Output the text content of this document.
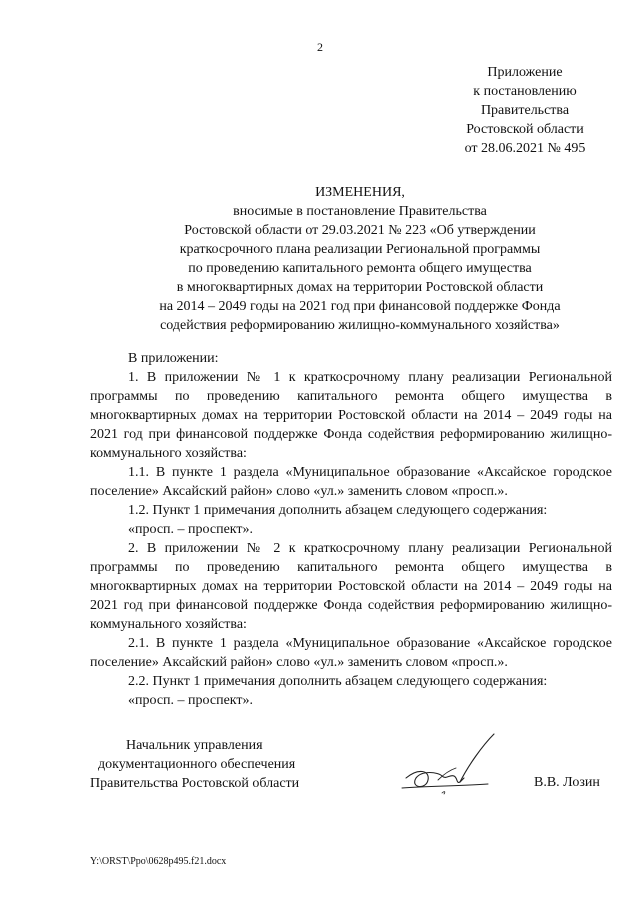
2
Приложение
к постановлению
Правительства
Ростовской области
от 28.06.2021 № 495
ИЗМЕНЕНИЯ,
вносимые в постановление Правительства
Ростовской области от 29.03.2021 № 223 «Об утверждении
краткосрочного плана реализации Региональной программы
по проведению капитального ремонта общего имущества
в многоквартирных домах на территории Ростовской области
на 2014 – 2049 годы на 2021 год при финансовой поддержке Фонда
содействия реформированию жилищно-коммунального хозяйства»

В приложении:

1. В приложении № 1 к краткосрочному плану реализации Региональной программы по проведению капитального ремонта общего имущества в многоквартирных домах на территории Ростовской области на 2014 – 2049 годы на 2021 год при финансовой поддержке Фонда содействия реформированию жилищно-коммунального хозяйства:

1.1. В пункте 1 раздела «Муниципальное образование «Аксайское городское поселение» Аксайский район» слово «ул.» заменить словом «просп.».

1.2. Пункт 1 примечания дополнить абзацем следующего содержания:

«просп. – проспект».

2. В приложении № 2 к краткосрочному плану реализации Региональной программы по проведению капитального ремонта общего имущества в многоквартирных домах на территории Ростовской области на 2014 – 2049 годы на 2021 год при финансовой поддержке Фонда содействия реформированию жилищно-коммунального хозяйства:

2.1. В пункте 1 раздела «Муниципальное образование «Аксайское городское поселение» Аксайский район» слово «ул.» заменить словом «просп.».

2.2. Пункт 1 примечания дополнить абзацем следующего содержания:

«просп. – проспект».

Начальник управления
документационного обеспечения
Правительства Ростовской области	В.В. Лозин
Y:\ORST\Ppo\0628p495.f21.docx
